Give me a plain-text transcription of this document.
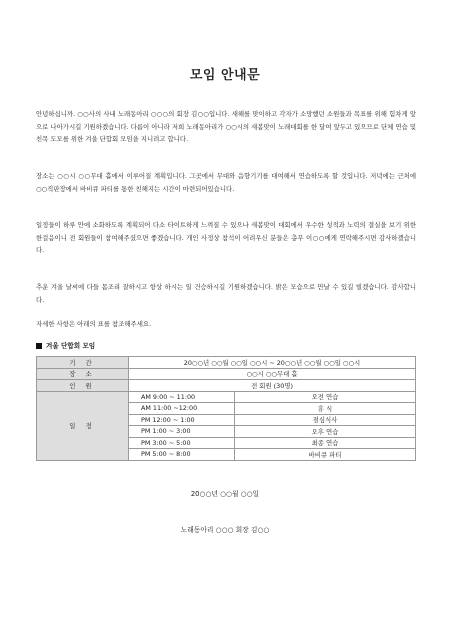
모임 안내문
안녕하십니까. ○○사의 사내 노래동아리 ○○○의 회장 김○○입니다. 새해를 맞이하고 각자가 소망했던 소원들과 목표를 위해 힘차게 앞으로 나아가시길 기원하겠습니다. 다름이 아니라 저희 노래동아리가 ○○시의 새봄맞이 노래대회를 한 달여 앞두고 있으므로 단체 연습 및 친목 도모를 위한 겨울 단합회 모임을 지니려고 합니다.
장소는 ○○시 ○○무대 홀에서 이루어질 계획입니다. 그곳에서 무대와 음향기기를 대여해서 연습하도록 할 것입니다. 저녁에는 근처에 ○○직판장에서 바비큐 파티를 통한 친해지는 시간이 마련되어있습니다.
일정들이 하루 안에 소화하도록 계획되어 다소 타이트하게 느껴질 수 있으나 새봄맞이 대회에서 우수한 성적과 노력의 결실을 보기 위한 한걸음이니 전 회원들이 참여해주셨으면 좋겠습니다. 개인 사정상 참석이 어려우신 분들은 총무 이○○에게 연락해주시면 감사하겠습니다.
추운 겨울 날씨에 다들 몸조리 잘하시고 항상 하시는 일 건승하시길 기원하겠습니다. 밝은 모습으로 만날 수 있길 빌겠습니다. 감사합니다.
자세한 사항은 아래의 표를 참조해주세요.
겨울 단합회 모임
기 간	20○○년 ○○월 ○○일 ○○시 ~ 20○○년 ○○월 ○○일 ○○시	
장 소	○○시 ○○무대 홀	
인 원	전 회원 (30명)	
일 정	AM 9:00 ~ 11:00	오전 연습
	AM 11:00 ~12:00	휴 식
	PM 12:00 ~ 1:00	점심식사
	PM 1:00 ~ 3:00	오후 연습
	PM 3:00 ~ 5:00	최종 연습
	PM 5:00 ~ 8:00	바비큐 파티
20○○년 ○○월 ○○일
노래동아리 ○○○ 회장 김○○
